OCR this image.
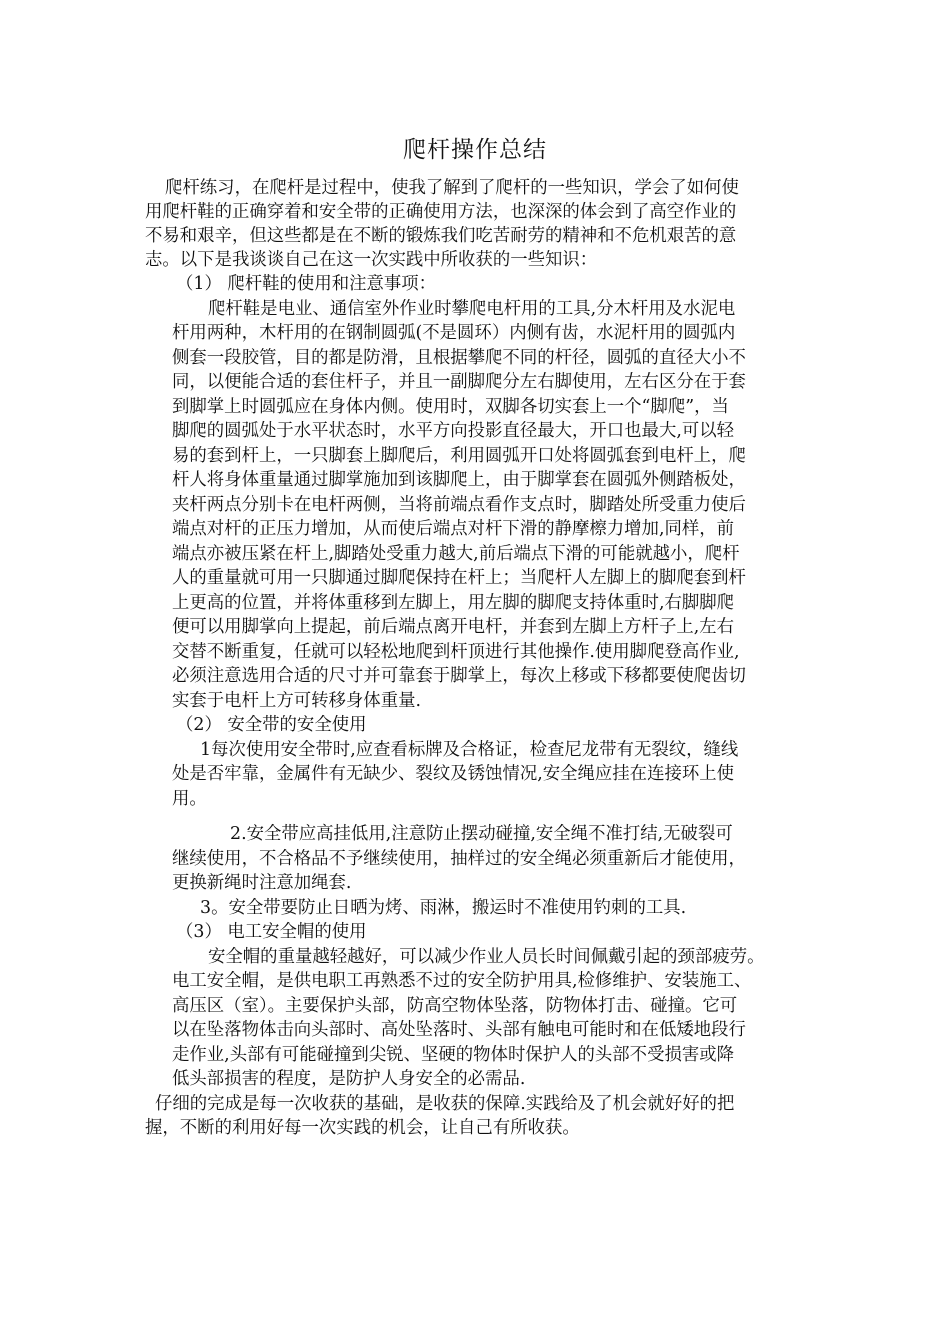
爬杆操作总结

爬杆练习，在爬杆是过程中，使我了解到了爬杆的一些知识，学会了如何使

用爬杆鞋的正确穿着和安全带的正确使用方法，也深深的体会到了高空作业的

不易和艰辛，但这些都是在不断的锻炼我们吃苦耐劳的精神和不危机艰苦的意

志。以下是我谈谈自己在这一次实践中所收获的一些知识：

（1） 爬杆鞋的使用和注意事项：

爬杆鞋是电业、通信室外作业时攀爬电杆用的工具,分木杆用及水泥电

杆用两种，木杆用的在钢制圆弧(不是圆环）内侧有齿，水泥杆用的圆弧内

侧套一段胶管，目的都是防滑，且根据攀爬不同的杆径，圆弧的直径大小不

同，以便能合适的套住杆子，并且一副脚爬分左右脚使用，左右区分在于套

到脚掌上时圆弧应在身体内侧。使用时，双脚各切实套上一个“脚爬”，当

脚爬的圆弧处于水平状态时，水平方向投影直径最大，开口也最大,可以轻

易的套到杆上，一只脚套上脚爬后，利用圆弧开口处将圆弧套到电杆上，爬

杆人将身体重量通过脚掌施加到该脚爬上，由于脚掌套在圆弧外侧踏板处，

夹杆两点分别卡在电杆两侧，当将前端点看作支点时，脚踏处所受重力使后

端点对杆的正压力增加，从而使后端点对杆下滑的静摩檫力增加,同样，前

端点亦被压紧在杆上,脚踏处受重力越大,前后端点下滑的可能就越小，爬杆

人的重量就可用一只脚通过脚爬保持在杆上；当爬杆人左脚上的脚爬套到杆

上更高的位置，并将体重移到左脚上，用左脚的脚爬支持体重时,右脚脚爬

便可以用脚掌向上提起，前后端点离开电杆，并套到左脚上方杆子上,左右

交替不断重复，任就可以轻松地爬到杆顶进行其他操作.使用脚爬登高作业,

必须注意选用合适的尺寸并可靠套于脚掌上，每次上移或下移都要使爬齿切

实套于电杆上方可转移身体重量.

（2） 安全带的安全使用

1每次使用安全带时,应查看标牌及合格证，检查尼龙带有无裂纹，缝线

处是否牢靠，金属件有无缺少、裂纹及锈蚀情况,安全绳应挂在连接环上使

用。

2.安全带应高挂低用,注意防止摆动碰撞,安全绳不准打结,无破裂可

继续使用，不合格品不予继续使用，抽样过的安全绳必须重新后才能使用，

更换新绳时注意加绳套.

3。安全带要防止日晒为烤、雨淋，搬运时不准使用钓刺的工具.

（3） 电工安全帽的使用

安全帽的重量越轻越好，可以减少作业人员长时间佩戴引起的颈部疲劳。

电工安全帽，是供电职工再熟悉不过的安全防护用具,检修维护、安装施工、

高压区（室）。主要保护头部，防高空物体坠落，防物体打击、碰撞。它可

以在坠落物体击向头部时、高处坠落时、头部有触电可能时和在低矮地段行

走作业,头部有可能碰撞到尖锐、坚硬的物体时保护人的头部不受损害或降

低头部损害的程度，是防护人身安全的必需品.

仔细的完成是每一次收获的基础，是收获的保障.实践给及了机会就好好的把

握，不断的利用好每一次实践的机会，让自己有所收获。
